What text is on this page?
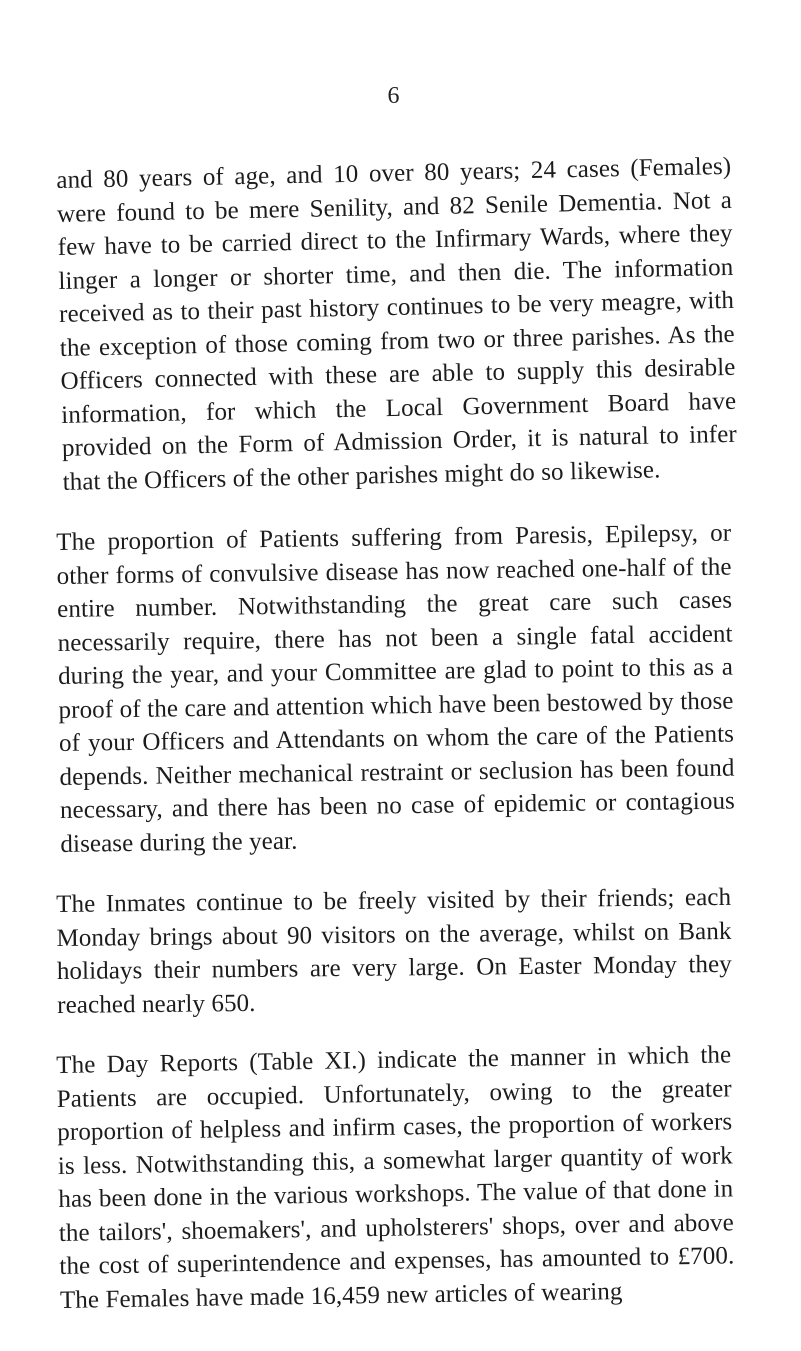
6

and 80 years of age, and 10 over 80 years; 24 cases (Females) were found to be mere Senility, and 82 Senile Dementia. Not a few have to be carried direct to the Infirmary Wards, where they linger a longer or shorter time, and then die. The information received as to their past history continues to be very meagre, with the exception of those coming from two or three parishes. As the Officers connected with these are able to supply this desirable information, for which the Local Government Board have provided on the Form of Admission Order, it is natural to infer that the Officers of the other parishes might do so likewise.

The proportion of Patients suffering from Paresis, Epilepsy, or other forms of convulsive disease has now reached one-half of the entire number. Notwithstanding the great care such cases necessarily require, there has not been a single fatal accident during the year, and your Committee are glad to point to this as a proof of the care and attention which have been bestowed by those of your Officers and Attendants on whom the care of the Patients depends. Neither mechanical restraint or seclusion has been found necessary, and there has been no case of epidemic or contagious disease during the year.

The Inmates continue to be freely visited by their friends; each Monday brings about 90 visitors on the average, whilst on Bank holidays their numbers are very large. On Easter Monday they reached nearly 650.

The Day Reports (Table XI.) indicate the manner in which the Patients are occupied. Unfortunately, owing to the greater proportion of helpless and infirm cases, the proportion of workers is less. Notwithstanding this, a somewhat larger quantity of work has been done in the various workshops. The value of that done in the tailors', shoemakers', and upholsterers' shops, over and above the cost of superintendence and expenses, has amounted to £700. The Females have made 16,459 new articles of wearing
